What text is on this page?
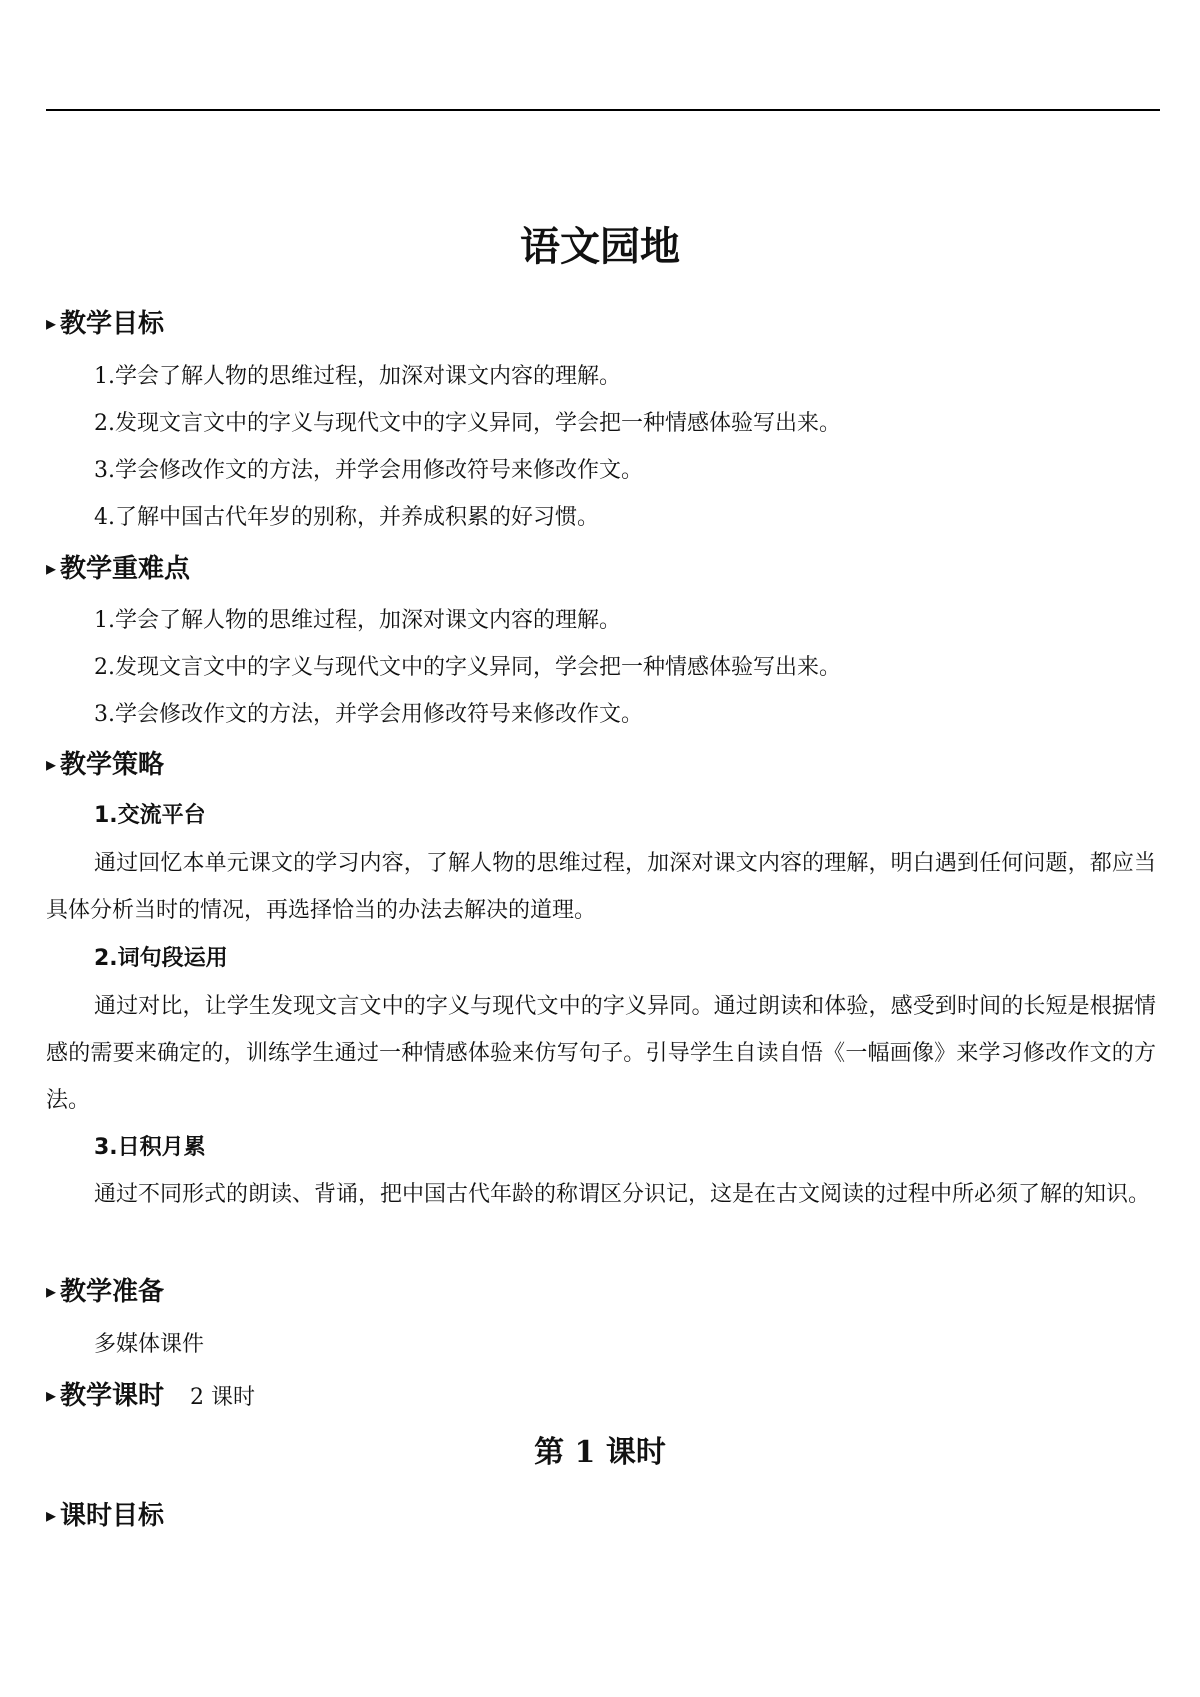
语文园地
▸ 教学目标

1.学会了解人物的思维过程，加深对课文内容的理解。

2.发现文言文中的字义与现代文中的字义异同，学会把一种情感体验写出来。

3.学会修改作文的方法，并学会用修改符号来修改作文。

4.了解中国古代年岁的别称，并养成积累的好习惯。

▸ 教学重难点

1.学会了解人物的思维过程，加深对课文内容的理解。

2.发现文言文中的字义与现代文中的字义异同，学会把一种情感体验写出来。

3.学会修改作文的方法，并学会用修改符号来修改作文。

▸ 教学策略

1.交流平台

通过回忆本单元课文的学习内容，了解人物的思维过程，加深对课文内容的理解，明白遇到任何问题，都应当具体分析当时的情况，再选择恰当的办法去解决的道理。

2.词句段运用

通过对比，让学生发现文言文中的字义与现代文中的字义异同。通过朗读和体验，感受到时间的长短是根据情感的需要来确定的，训练学生通过一种情感体验来仿写句子。引导学生自读自悟《一幅画像》来学习修改作文的方法。

3.日积月累

通过不同形式的朗读、背诵，把中国古代年龄的称谓区分识记，这是在古文阅读的过程中所必须了解的知识。

▸ 教学准备

多媒体课件

▸ 教学课时 2 课时
第 1 课时
▸ 课时目标
